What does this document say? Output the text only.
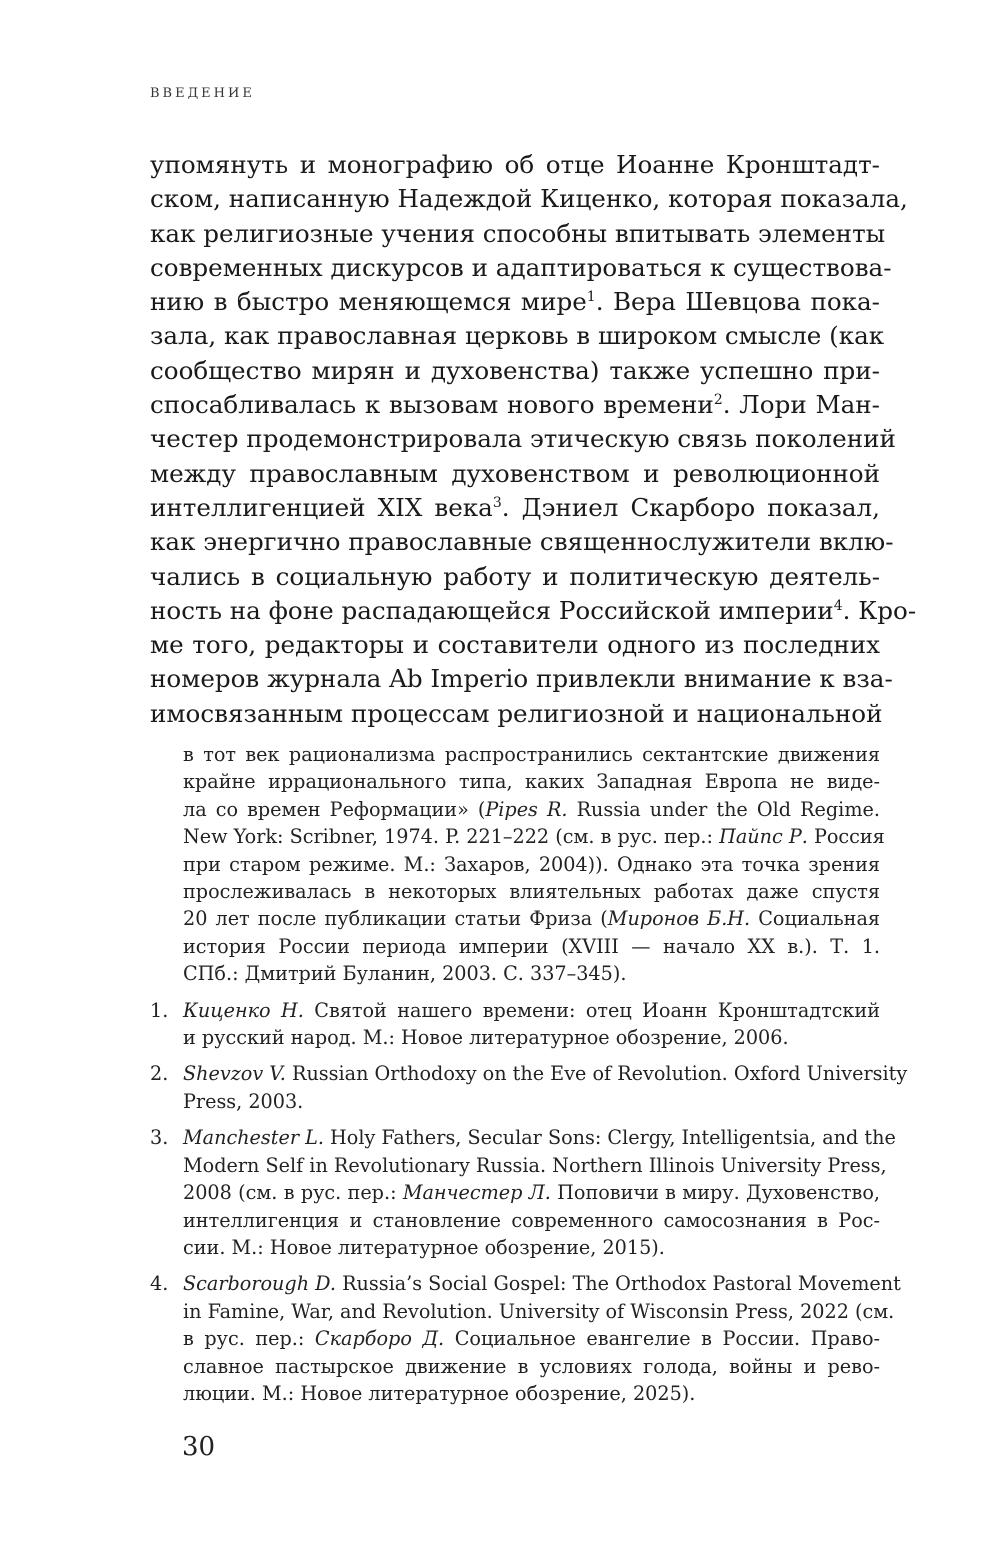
ВВЕДЕНИЕ
упомянуть и монографию об отце Иоанне Кронштадт-
ском, написанную Надеждой Киценко, которая показала,
как религиозные учения способны впитывать элементы
современных дискурсов и адаптироваться к существова-
нию в быстро меняющемся мире$^1$. Вера Шевцова пока-
зала, как православная церковь в широком смысле (как
сообщество мирян и духовенства) также успешно при-
спосабливалась к вызовам нового времени$^2$. Лори Ман-
честер продемонстрировала этическую связь поколений
между православным духовенством и революционной
интеллигенцией XIX века$^3$. Дэниел Скарборо показал,
как энергично православные священнослужители вклю-
чались в социальную работу и политическую деятель-
ность на фоне распадающейся Российской империи$^4$. Кро-
ме того, редакторы и составители одного из последних
номеров журнала Ab Imperio привлекли внимание к вза-
имосвязанным процессам религиозной и национальной
в тот век рационализма распространились сектантские движения
крайне иррационального типа, каких Западная Европа не виде-
ла со времен Реформации» (Pipes R. Russia under the Old Regime.
New York: Scribner, 1974. P. 221–222 (см. в рус. пер.: Пайпс Р. Россия
при старом режиме. М.: Захаров, 2004)). Однако эта точка зрения
прослеживалась в некоторых влиятельных работах даже спустя
20 лет после публикации статьи Фриза (Миронов Б.Н. Социальная
история России периода империи (XVIII — начало XX в.). Т. 1.
СПб.: Дмитрий Буланин, 2003. С. 337–345).
1. Киценко Н. Святой нашего времени: отец Иоанн Кронштадтский
и русский народ. М.: Новое литературное обозрение, 2006.
2. Shevzov V. Russian Orthodoxy on the Eve of Revolution. Oxford University
Press, 2003.
3. Manchester L. Holy Fathers, Secular Sons: Clergy, Intelligentsia, and the
Modern Self in Revolutionary Russia. Northern Illinois University Press,
2008 (см. в рус. пер.: Манчестер Л. Поповичи в миру. Духовенство,
интеллигенция и становление современного самосознания в Рос-
сии. М.: Новое литературное обозрение, 2015).
4. Scarborough D. Russia’s Social Gospel: The Orthodox Pastoral Movement
in Famine, War, and Revolution. University of Wisconsin Press, 2022 (см.
в рус. пер.: Скарборо Д. Социальное евангелие в России. Право-
славное пастырское движение в условиях голода, войны и рево-
люции. М.: Новое литературное обозрение, 2025).
30
